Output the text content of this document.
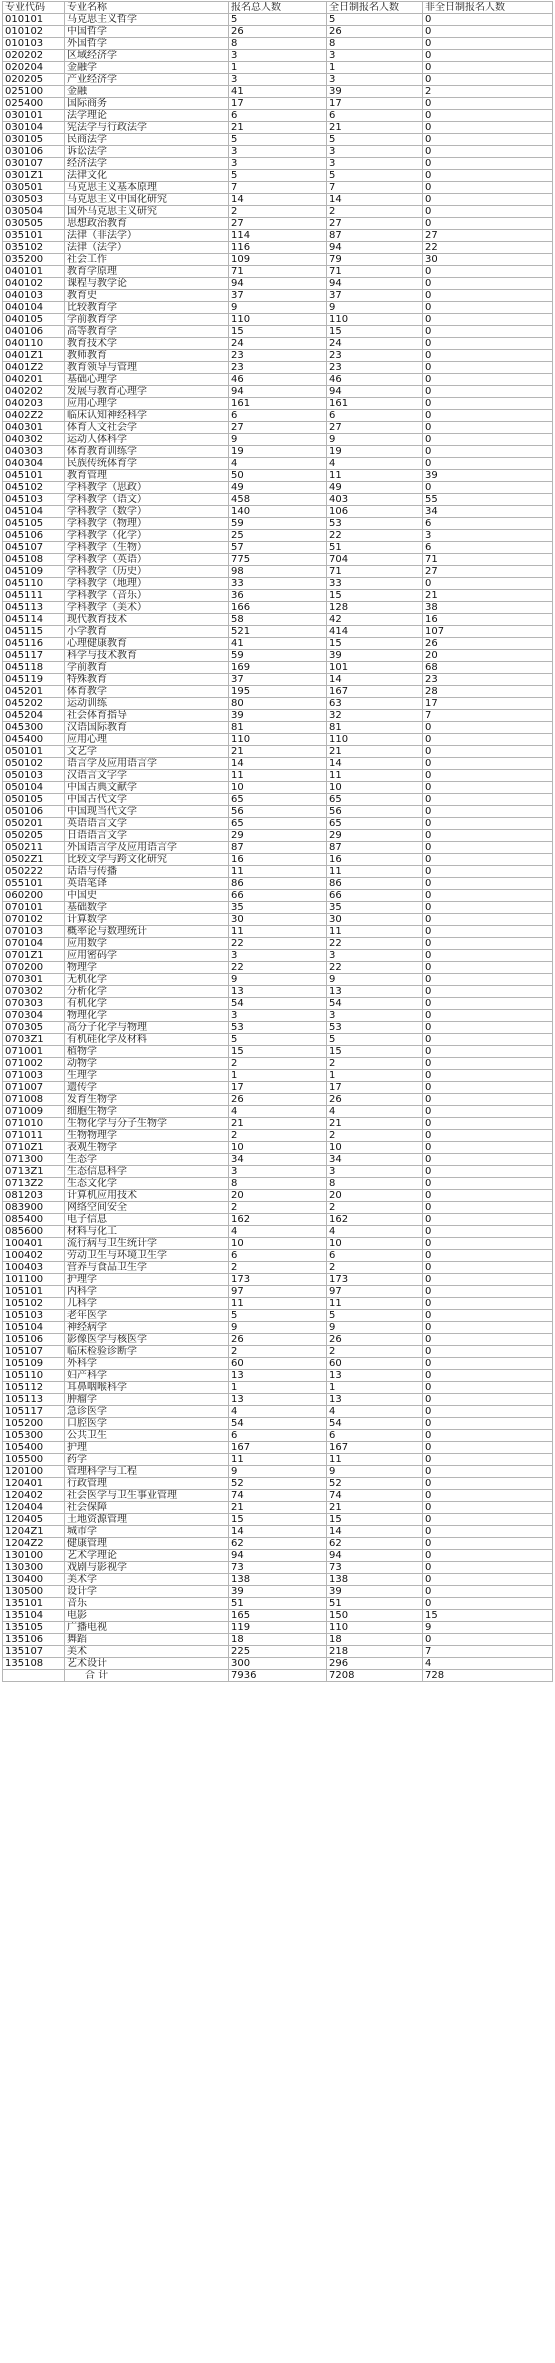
专业代码	专业名称	报名总人数	全日制报名人数	非全日制报名人数
010101	马克思主义哲学	5	5	0
010102	中国哲学	26	26	0
010103	外国哲学	8	8	0
020202	区域经济学	3	3	0
020204	金融学	1	1	0
020205	产业经济学	3	3	0
025100	金融	41	39	2
025400	国际商务	17	17	0
030101	法学理论	6	6	0
030104	宪法学与行政法学	21	21	0
030105	民商法学	5	5	0
030106	诉讼法学	3	3	0
030107	经济法学	3	3	0
0301Z1	法律文化	5	5	0
030501	马克思主义基本原理	7	7	0
030503	马克思主义中国化研究	14	14	0
030504	国外马克思主义研究	2	2	0
030505	思想政治教育	27	27	0
035101	法律（非法学）	114	87	27
035102	法律（法学）	116	94	22
035200	社会工作	109	79	30
040101	教育学原理	71	71	0
040102	课程与教学论	94	94	0
040103	教育史	37	37	0
040104	比较教育学	9	9	0
040105	学前教育学	110	110	0
040106	高等教育学	15	15	0
040110	教育技术学	24	24	0
0401Z1	教师教育	23	23	0
0401Z2	教育领导与管理	23	23	0
040201	基础心理学	46	46	0
040202	发展与教育心理学	94	94	0
040203	应用心理学	161	161	0
0402Z2	临床认知神经科学	6	6	0
040301	体育人文社会学	27	27	0
040302	运动人体科学	9	9	0
040303	体育教育训练学	19	19	0
040304	民族传统体育学	4	4	0
045101	教育管理	50	11	39
045102	学科教学（思政）	49	49	0
045103	学科教学（语文）	458	403	55
045104	学科教学（数学）	140	106	34
045105	学科教学（物理）	59	53	6
045106	学科教学（化学）	25	22	3
045107	学科教学（生物）	57	51	6
045108	学科教学（英语）	775	704	71
045109	学科教学（历史）	98	71	27
045110	学科教学（地理）	33	33	0
045111	学科教学（音乐）	36	15	21
045113	学科教学（美术）	166	128	38
045114	现代教育技术	58	42	16
045115	小学教育	521	414	107
045116	心理健康教育	41	15	26
045117	科学与技术教育	59	39	20
045118	学前教育	169	101	68
045119	特殊教育	37	14	23
045201	体育教学	195	167	28
045202	运动训练	80	63	17
045204	社会体育指导	39	32	7
045300	汉语国际教育	81	81	0
045400	应用心理	110	110	0
050101	文艺学	21	21	0
050102	语言学及应用语言学	14	14	0
050103	汉语言文字学	11	11	0
050104	中国古典文献学	10	10	0
050105	中国古代文学	65	65	0
050106	中国现当代文学	56	56	0
050201	英语语言文学	65	65	0
050205	日语语言文学	29	29	0
050211	外国语言学及应用语言学	87	87	0
0502Z1	比较文学与跨文化研究	16	16	0
050222	话语与传播	11	11	0
055101	英语笔译	86	86	0
060200	中国史	66	66	0
070101	基础数学	35	35	0
070102	计算数学	30	30	0
070103	概率论与数理统计	11	11	0
070104	应用数学	22	22	0
0701Z1	应用密码学	3	3	0
070200	物理学	22	22	0
070301	无机化学	9	9	0
070302	分析化学	13	13	0
070303	有机化学	54	54	0
070304	物理化学	3	3	0
070305	高分子化学与物理	53	53	0
0703Z1	有机硅化学及材料	5	5	0
071001	植物学	15	15	0
071002	动物学	2	2	0
071003	生理学	1	1	0
071007	遗传学	17	17	0
071008	发育生物学	26	26	0
071009	细胞生物学	4	4	0
071010	生物化学与分子生物学	21	21	0
071011	生物物理学	2	2	0
0710Z1	表观生物学	10	10	0
071300	生态学	34	34	0
0713Z1	生态信息科学	3	3	0
0713Z2	生态文化学	8	8	0
081203	计算机应用技术	20	20	0
083900	网络空间安全	2	2	0
085400	电子信息	162	162	0
085600	材料与化工	4	4	0
100401	流行病与卫生统计学	10	10	0
100402	劳动卫生与环境卫生学	6	6	0
100403	营养与食品卫生学	2	2	0
101100	护理学	173	173	0
105101	内科学	97	97	0
105102	儿科学	11	11	0
105103	老年医学	5	5	0
105104	神经病学	9	9	0
105106	影像医学与核医学	26	26	0
105107	临床检验诊断学	2	2	0
105109	外科学	60	60	0
105110	妇产科学	13	13	0
105112	耳鼻咽喉科学	1	1	0
105113	肿瘤学	13	13	0
105117	急诊医学	4	4	0
105200	口腔医学	54	54	0
105300	公共卫生	6	6	0
105400	护理	167	167	0
105500	药学	11	11	0
120100	管理科学与工程	9	9	0
120401	行政管理	52	52	0
120402	社会医学与卫生事业管理	74	74	0
120404	社会保障	21	21	0
120405	土地资源管理	15	15	0
1204Z1	城市学	14	14	0
1204Z2	健康管理	62	62	0
130100	艺术学理论	94	94	0
130300	戏剧与影视学	73	73	0
130400	美术学	138	138	0
130500	设计学	39	39	0
135101	音乐	51	51	0
135104	电影	165	150	15
135105	广播电视	119	110	9
135106	舞蹈	18	18	0
135107	美术	225	218	7
135108	艺术设计	300	296	4
	合 计	7936	7208	728
